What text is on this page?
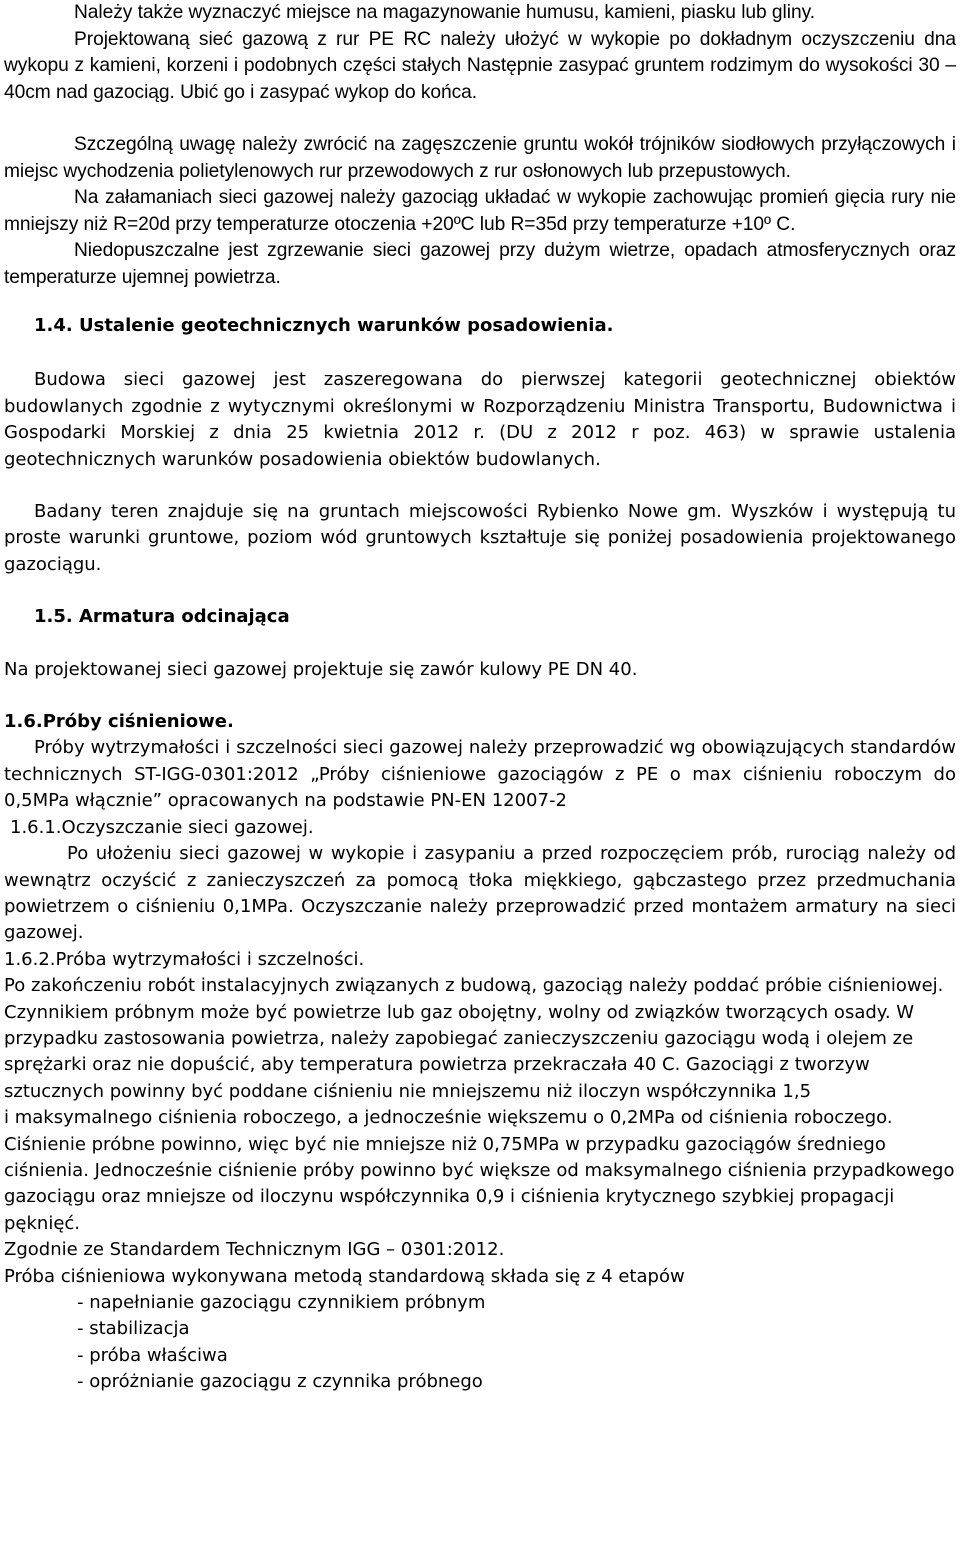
Należy także wyznaczyć miejsce na magazynowanie humusu, kamieni, piasku lub gliny.

Projektowaną sieć gazową z rur PE RC należy ułożyć w wykopie po dokładnym oczyszczeniu dna wykopu z kamieni, korzeni i podobnych części stałych Następnie zasypać gruntem rodzimym do wysokości 30 – 40cm nad gazociąg. Ubić go i zasypać wykop do końca.

Szczególną uwagę należy zwrócić na zagęszczenie gruntu wokół trójników siodłowych przyłączowych i miejsc wychodzenia polietylenowych rur przewodowych z rur osłonowych lub przepustowych.

Na załamaniach sieci gazowej należy gazociąg układać w wykopie zachowując promień gięcia rury nie mniejszy niż R=20d przy temperaturze otoczenia +20ºC lub R=35d przy temperaturze +10º C.

Niedopuszczalne jest zgrzewanie sieci gazowej przy dużym wietrze, opadach atmosferycznych oraz temperaturze ujemnej powietrza.

1.4. Ustalenie geotechnicznych warunków posadowienia.

Budowa sieci gazowej jest zaszeregowana do pierwszej kategorii geotechnicznej obiektów budowlanych zgodnie z wytycznymi określonymi w Rozporządzeniu Ministra Transportu, Budownictwa i Gospodarki Morskiej z dnia 25 kwietnia 2012 r. (DU z 2012 r poz. 463) w sprawie ustalenia geotechnicznych warunków posadowienia obiektów budowlanych.

Badany teren znajduje się na gruntach miejscowości Rybienko Nowe gm. Wyszków i występują tu proste warunki gruntowe, poziom wód gruntowych kształtuje się poniżej posadowienia projektowanego gazociągu.

1.5. Armatura odcinająca

Na projektowanej sieci gazowej projektuje się zawór kulowy PE DN 40.

1.6.Próby ciśnieniowe.

Próby wytrzymałości i szczelności sieci gazowej należy przeprowadzić wg obowiązujących standardów technicznych ST-IGG-0301:2012 „Próby ciśnieniowe gazociągów z PE o max ciśnieniu roboczym do 0,5MPa włącznie” opracowanych na podstawie PN-EN 12007-2

1.6.1.Oczyszczanie sieci gazowej.

Po ułożeniu sieci gazowej w wykopie i zasypaniu a przed rozpoczęciem prób, rurociąg należy od wewnątrz oczyścić z zanieczyszczeń za pomocą tłoka miękkiego, gąbczastego przez przedmuchania powietrzem o ciśnieniu 0,1MPa. Oczyszczanie należy przeprowadzić przed montażem armatury na sieci gazowej.

1.6.2.Próba wytrzymałości i szczelności.

Po zakończeniu robót instalacyjnych związanych z budową, gazociąg należy poddać próbie ciśnieniowej. Czynnikiem próbnym może być powietrze lub gaz obojętny, wolny od związków tworzących osady. W przypadku zastosowania powietrza, należy zapobiegać zanieczyszczeniu gazociągu wodą i olejem ze sprężarki oraz nie dopuścić, aby temperatura powietrza przekraczała 40 C. Gazociągi z tworzyw sztucznych powinny być poddane ciśnieniu nie mniejszemu niż iloczyn współczynnika 1,5

i maksymalnego ciśnienia roboczego, a jednocześnie większemu o 0,2MPa od ciśnienia roboczego. Ciśnienie próbne powinno, więc być nie mniejsze niż 0,75MPa w przypadku gazociągów średniego ciśnienia. Jednocześnie ciśnienie próby powinno być większe od maksymalnego ciśnienia przypadkowego gazociągu oraz mniejsze od iloczynu współczynnika 0,9 i ciśnienia krytycznego szybkiej propagacji pęknięć.

Zgodnie ze Standardem Technicznym IGG – 0301:2012.

Próba ciśnieniowa wykonywana metodą standardową składa się z 4 etapów

- napełnianie gazociągu czynnikiem próbnym

- stabilizacja

- próba właściwa

- opróżnianie gazociągu z czynnika próbnego
